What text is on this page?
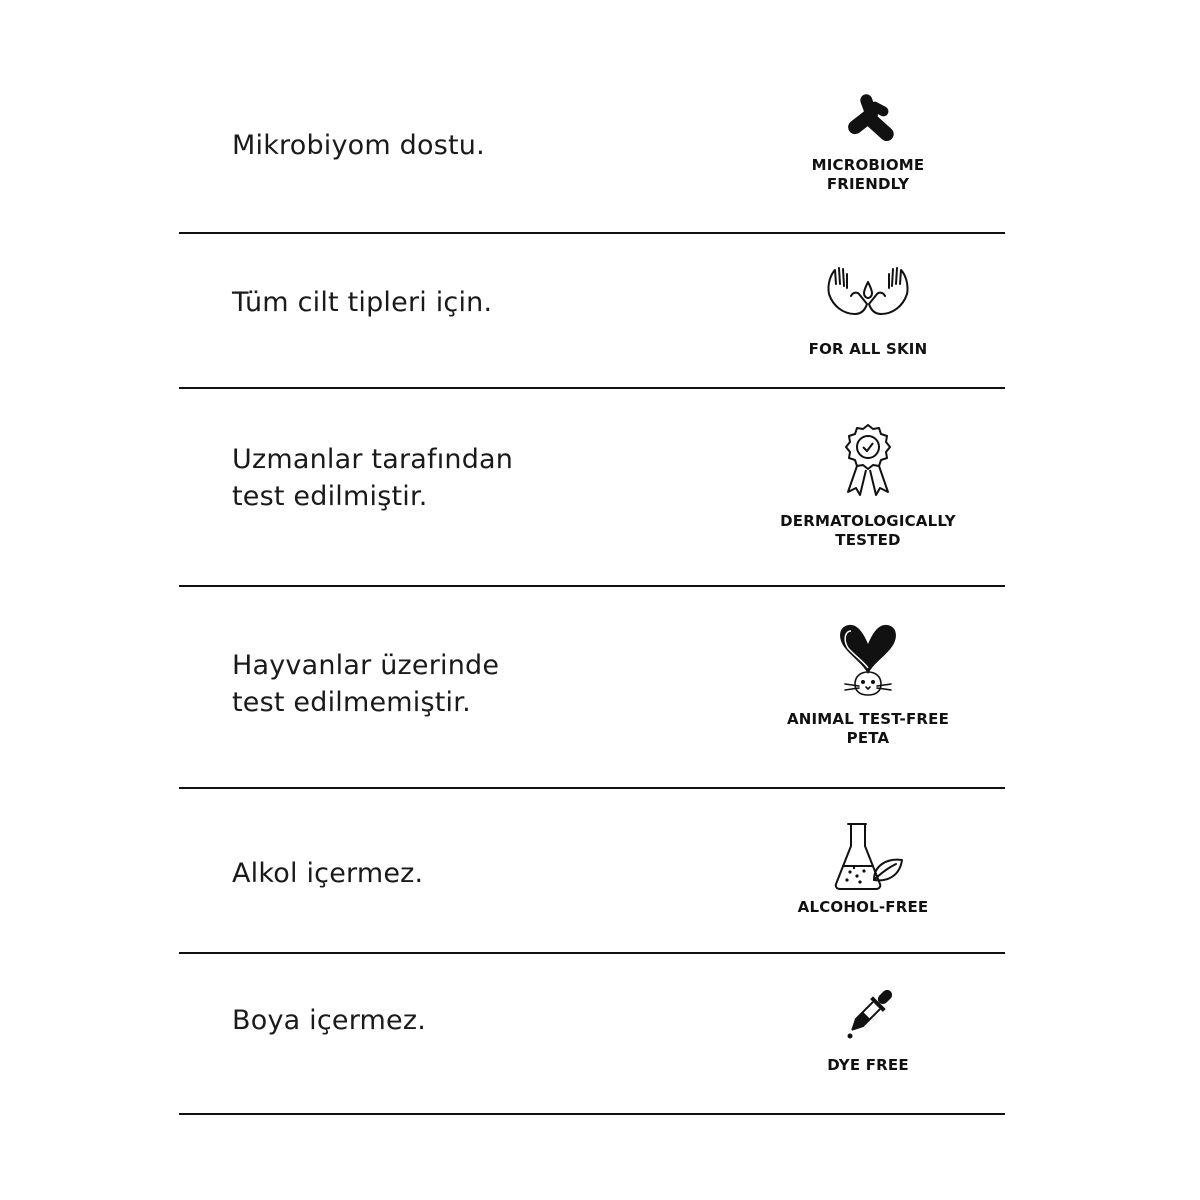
Mikrobiyom dostu.
MICROBIOME
FRIENDLY
Tüm cilt tipleri için.
FOR ALL SKIN
Uzmanlar tarafından
test edilmiştir.
DERMATOLOGICALLY
TESTED
Hayvanlar üzerinde
test edilmemiştir.
ANIMAL TEST-FREE
PETA
Alkol içermez.
ALCOHOL-FREE
Boya içermez.
DYE FREE
